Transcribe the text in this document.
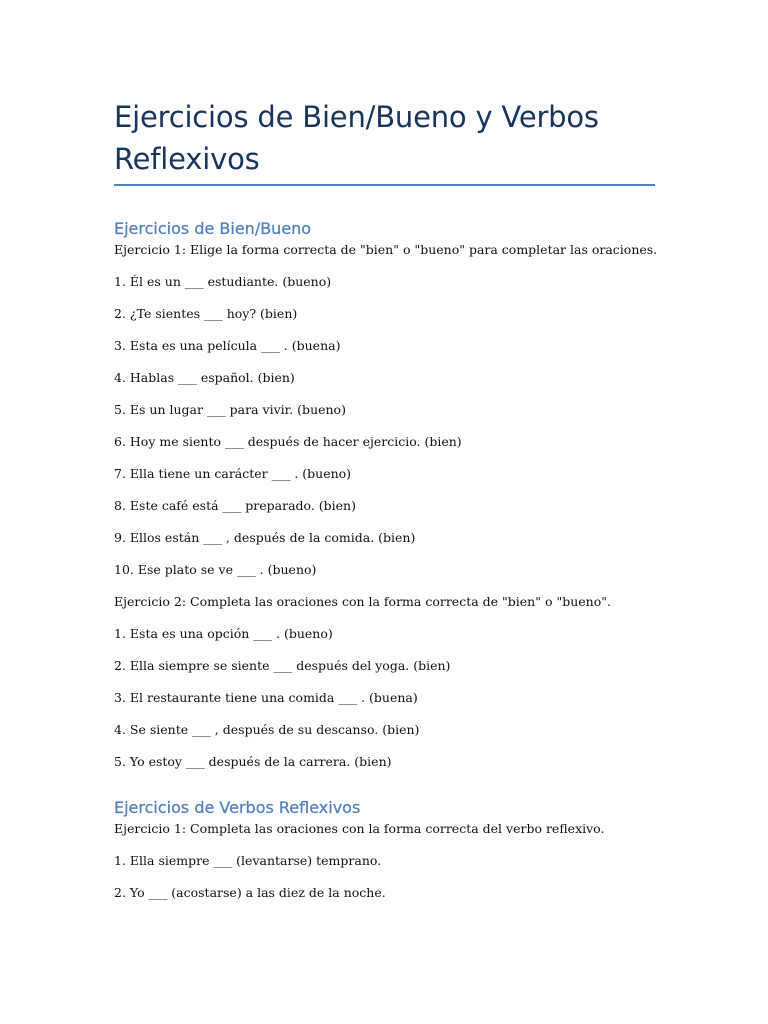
Ejercicios de Bien/Bueno y Verbos Reflexivos
Ejercicios de Bien/Bueno

Ejercicio 1: Elige la forma correcta de "bien" o "bueno" para completar las oraciones.

1. Él es un ___ estudiante. (bueno)

2. ¿Te sientes ___ hoy? (bien)

3. Esta es una película ___ . (buena)

4. Hablas ___ español. (bien)

5. Es un lugar ___ para vivir. (bueno)

6. Hoy me siento ___ después de hacer ejercicio. (bien)

7. Ella tiene un carácter ___ . (bueno)

8. Este café está ___ preparado. (bien)

9. Ellos están ___ , después de la comida. (bien)

10. Ese plato se ve ___ . (bueno)

Ejercicio 2: Completa las oraciones con la forma correcta de "bien" o "bueno".

1. Esta es una opción ___ . (bueno)

2. Ella siempre se siente ___ después del yoga. (bien)

3. El restaurante tiene una comida ___ . (buena)

4. Se siente ___ , después de su descanso. (bien)

5. Yo estoy ___ después de la carrera. (bien)

Ejercicios de Verbos Reflexivos

Ejercicio 1: Completa las oraciones con la forma correcta del verbo reflexivo.

1. Ella siempre ___ (levantarse) temprano.

2. Yo ___ (acostarse) a las diez de la noche.
